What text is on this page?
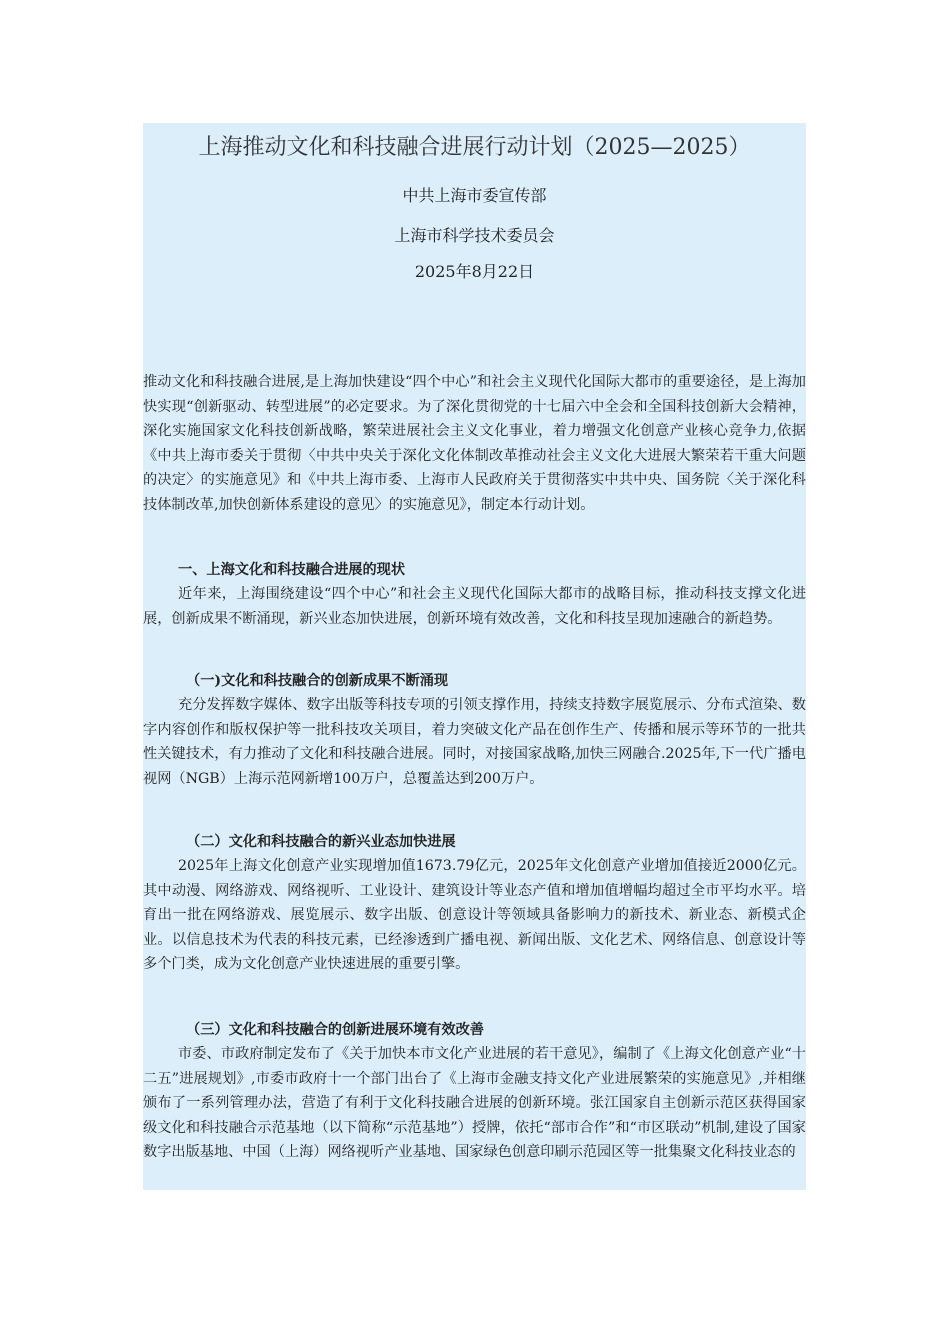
上海推动文化和科技融合进展行动计划（2025—2025）
中共上海市委宣传部
上海市科学技术委员会
2025年8月22日

推动文化和科技融合进展,是上海加快建设“四个中心”和社会主义现代化国际大都市的重要途径，是上海加快实现“创新驱动、转型进展”的必定要求。为了深化贯彻党的十七届六中全会和全国科技创新大会精神，深化实施国家文化科技创新战略，繁荣进展社会主义文化事业，着力增强文化创意产业核心竞争力,依据《中共上海市委关于贯彻〈中共中央关于深化文化体制改革推动社会主义文化大进展大繁荣若干重大问题的决定〉的实施意见》和《中共上海市委、上海市人民政府关于贯彻落实中共中央、国务院〈关于深化科技体制改革,加快创新体系建设的意见〉的实施意见》，制定本行动计划。

一、上海文化和科技融合进展的现状

近年来，上海围绕建设“四个中心”和社会主义现代化国际大都市的战略目标，推动科技支撑文化进展，创新成果不断涌现，新兴业态加快进展，创新环境有效改善，文化和科技呈现加速融合的新趋势。

（一)文化和科技融合的创新成果不断涌现

充分发挥数字媒体、数字出版等科技专项的引领支撑作用，持续支持数字展览展示、分布式渲染、数字内容创作和版权保护等一批科技攻关项目，着力突破文化产品在创作生产、传播和展示等环节的一批共性关键技术，有力推动了文化和科技融合进展。同时，对接国家战略,加快三网融合.2025年,下一代广播电视网（NGB）上海示范网新增100万户，总覆盖达到200万户。

（二）文化和科技融合的新兴业态加快进展

2025年上海文化创意产业实现增加值1673.79亿元，2025年文化创意产业增加值接近2000亿元。其中动漫、网络游戏、网络视听、工业设计、建筑设计等业态产值和增加值增幅均超过全市平均水平。培育出一批在网络游戏、展览展示、数字出版、创意设计等领域具备影响力的新技术、新业态、新模式企业。以信息技术为代表的科技元素，已经渗透到广播电视、新闻出版、文化艺术、网络信息、创意设计等多个门类，成为文化创意产业快速进展的重要引擎。

（三）文化和科技融合的创新进展环境有效改善

市委、市政府制定发布了《关于加快本市文化产业进展的若干意见》，编制了《上海文化创意产业“十二五”进展规划》,市委市政府十一个部门出台了《上海市金融支持文化产业进展繁荣的实施意见》,并相继颁布了一系列管理办法，营造了有利于文化科技融合进展的创新环境。张江国家自主创新示范区获得国家级文化和科技融合示范基地（以下简称“示范基地”）授牌，依托“部市合作”和“市区联动”机制,建设了国家数字出版基地、中国（上海）网络视听产业基地、国家绿色创意印刷示范园区等一批集聚文化科技业态的
